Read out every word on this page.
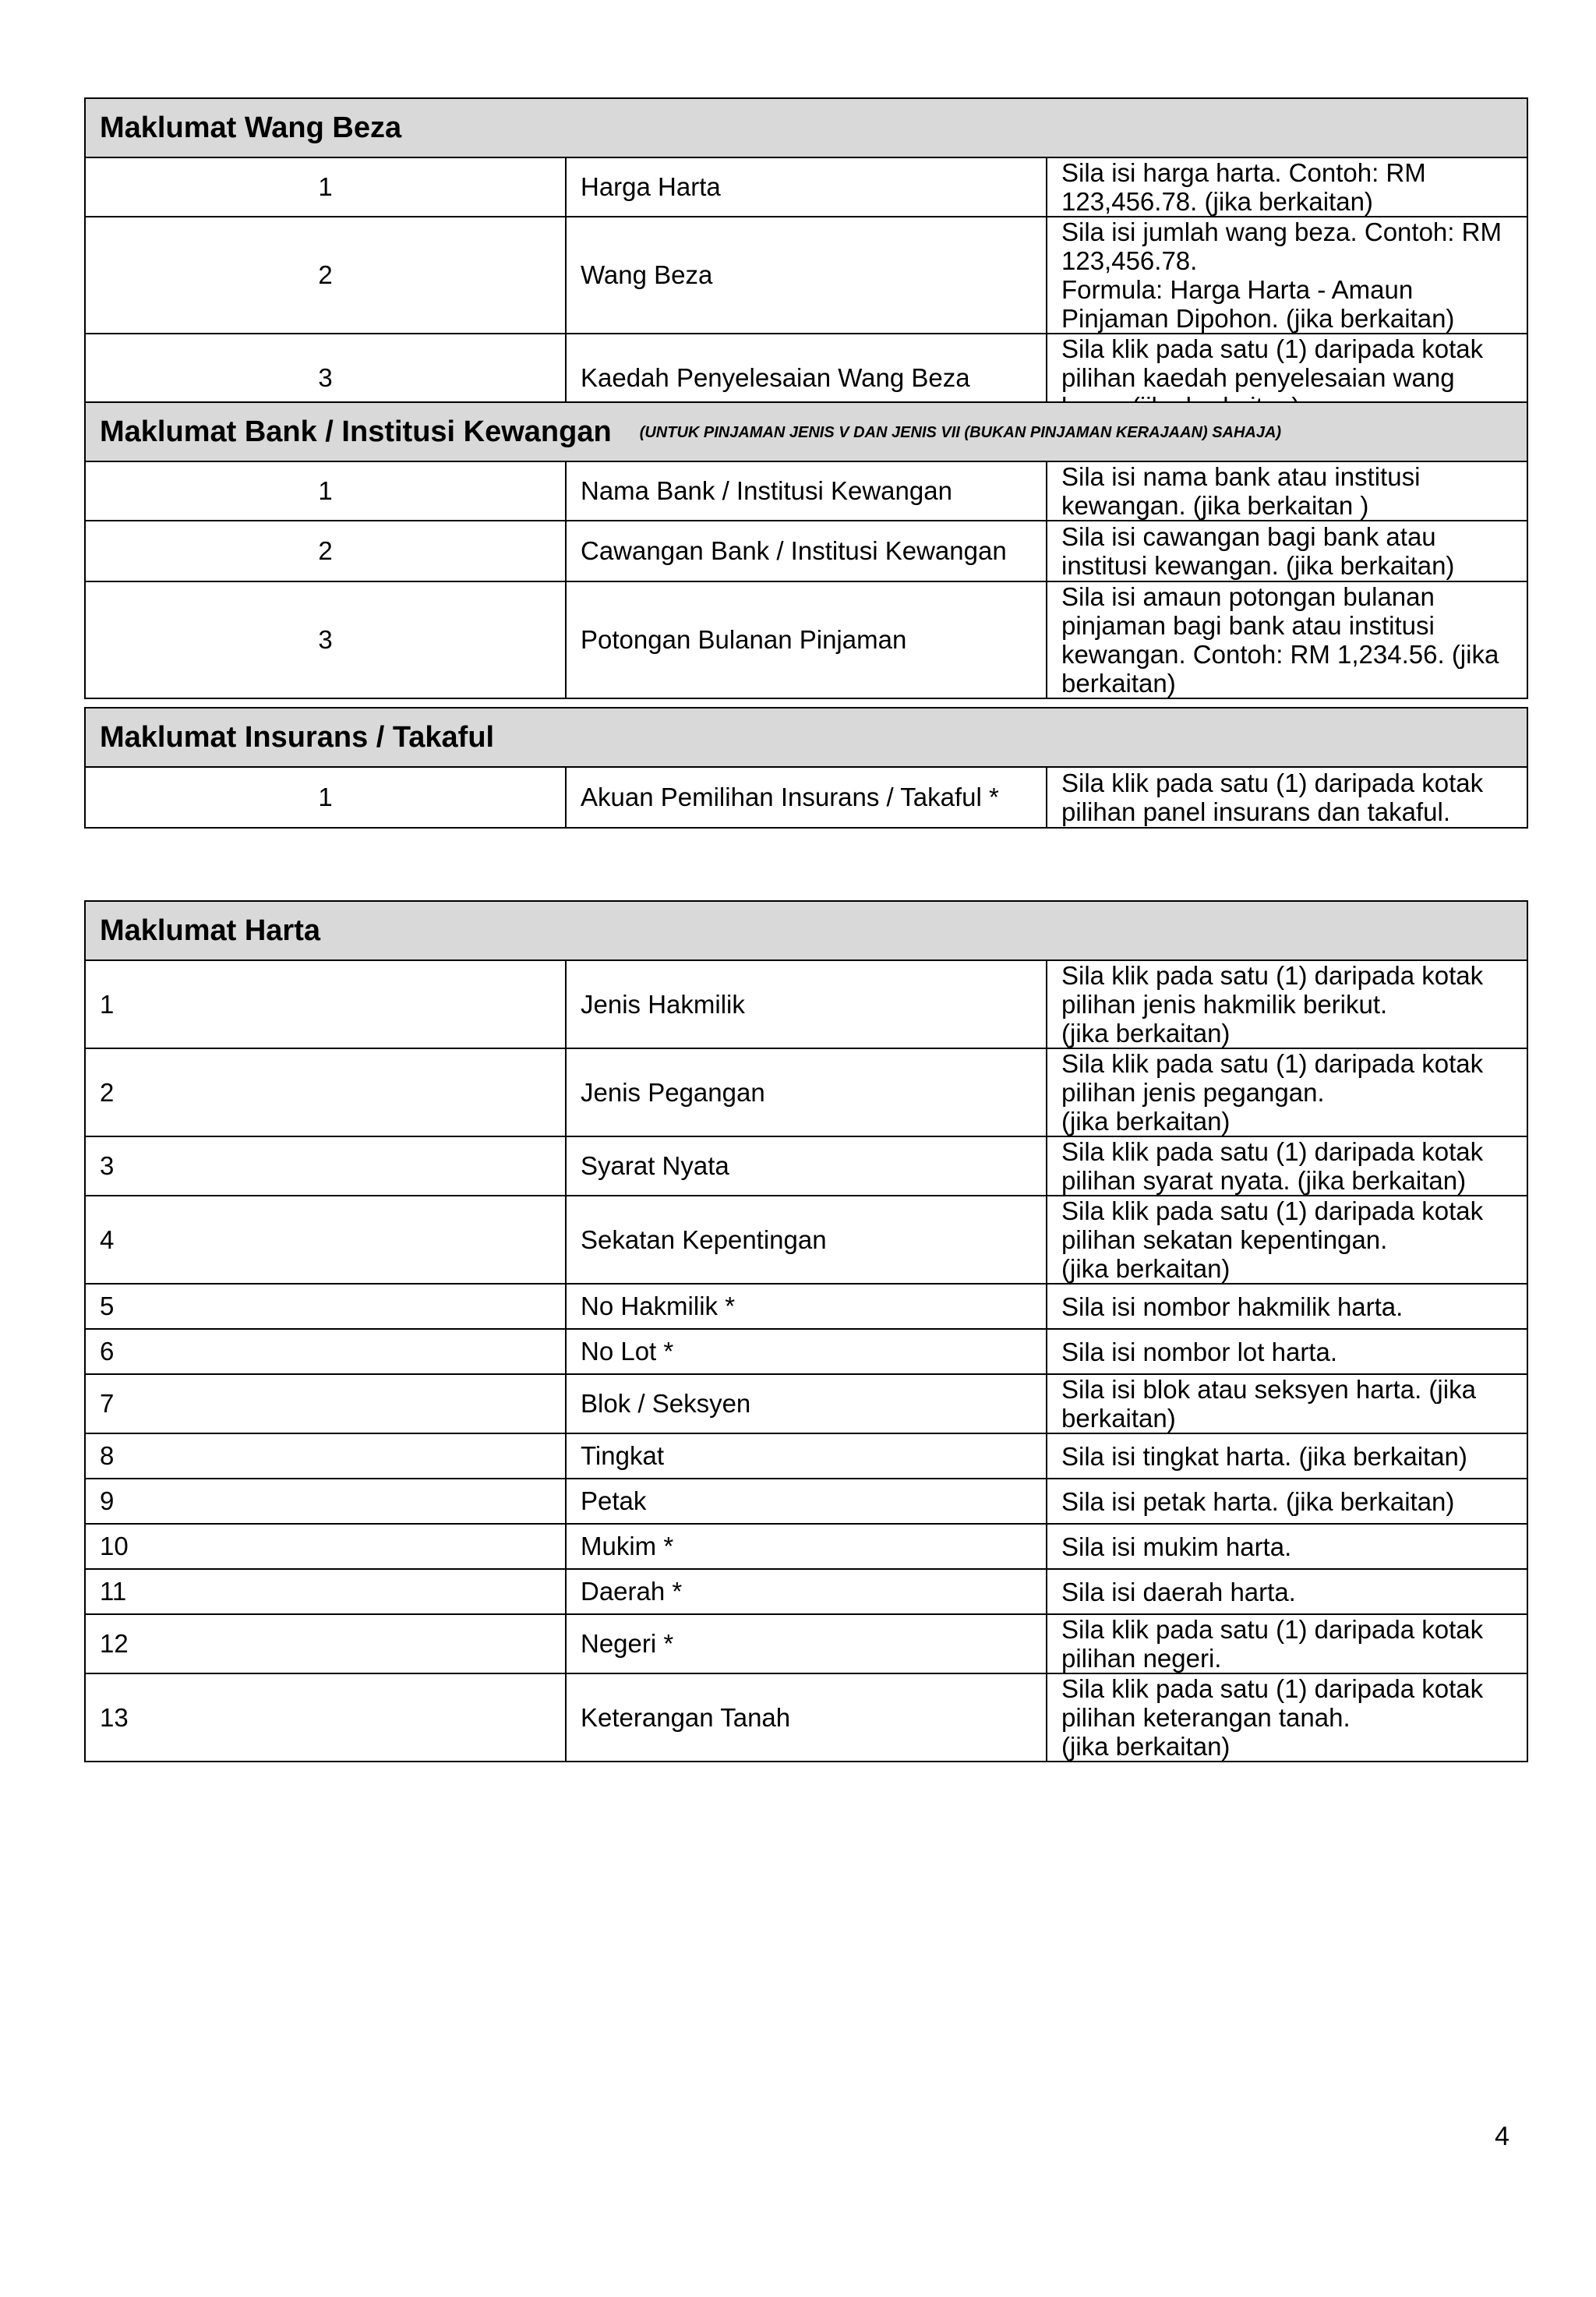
Maklumat Wang Beza		
1	Harga Harta	Sila isi harga harta. Contoh: RM 123,456.78. (jika berkaitan)
2	Wang Beza	Sila isi jumlah wang beza. Contoh: RM 123,456.78.
Formula: Harga Harta - Amaun Pinjaman Dipohon. (jika berkaitan)

3	Kaedah Penyelesaian Wang Beza	Sila klik pada satu (1) daripada kotak pilihan kaedah penyelesaian wang
Maklumat Bank / Institusi Kewangan (UNTUK PINJAMAN JENIS V DAN JENIS VII (BUKAN PINJAMAN KERAJAAN) SAHAJA)		
1	Nama Bank / Institusi Kewangan	Sila isi nama bank atau institusi kewangan. (jika berkaitan )
2	Cawangan Bank / Institusi Kewangan	Sila isi cawangan bagi bank atau institusi kewangan. (jika berkaitan)
3	Potongan Bulanan Pinjaman	Sila isi amaun potongan bulanan pinjaman bagi bank atau institusi kewangan. Contoh: RM 1,234.56. (jika berkaitan)
Maklumat Insurans / Takaful
1	Akuan Pemilihan Insurans / Takaful *	Sila klik pada satu (1) daripada kotak pilihan panel insurans dan takaful.
Maklumat Harta		
1	Jenis Hakmilik	Sila klik pada satu (1) daripada kotak pilihan jenis hakmilik berikut.
(jika berkaitan)

2	Jenis Pegangan	Sila klik pada satu (1) daripada kotak pilihan jenis pegangan.
(jika berkaitan)

3	Syarat Nyata	Sila klik pada satu (1) daripada kotak pilihan syarat nyata. (jika berkaitan)
4	Sekatan Kepentingan	Sila klik pada satu (1) daripada kotak pilihan sekatan kepentingan.
(jika berkaitan)

5	No Hakmilik *	Sila isi nombor hakmilik harta.
6	No Lot *	Sila isi nombor lot harta.
7	Blok / Seksyen	Sila isi blok atau seksyen harta. (jika berkaitan)
8	Tingkat	Sila isi tingkat harta. (jika berkaitan)
9	Petak	Sila isi petak harta. (jika berkaitan)
10	Mukim *	Sila isi mukim harta.
11	Daerah *	Sila isi daerah harta.
12	Negeri *	Sila klik pada satu (1) daripada kotak pilihan negeri.
13	Keterangan Tanah	Sila klik pada satu (1) daripada kotak pilihan keterangan tanah.
(jika berkaitan)
4
